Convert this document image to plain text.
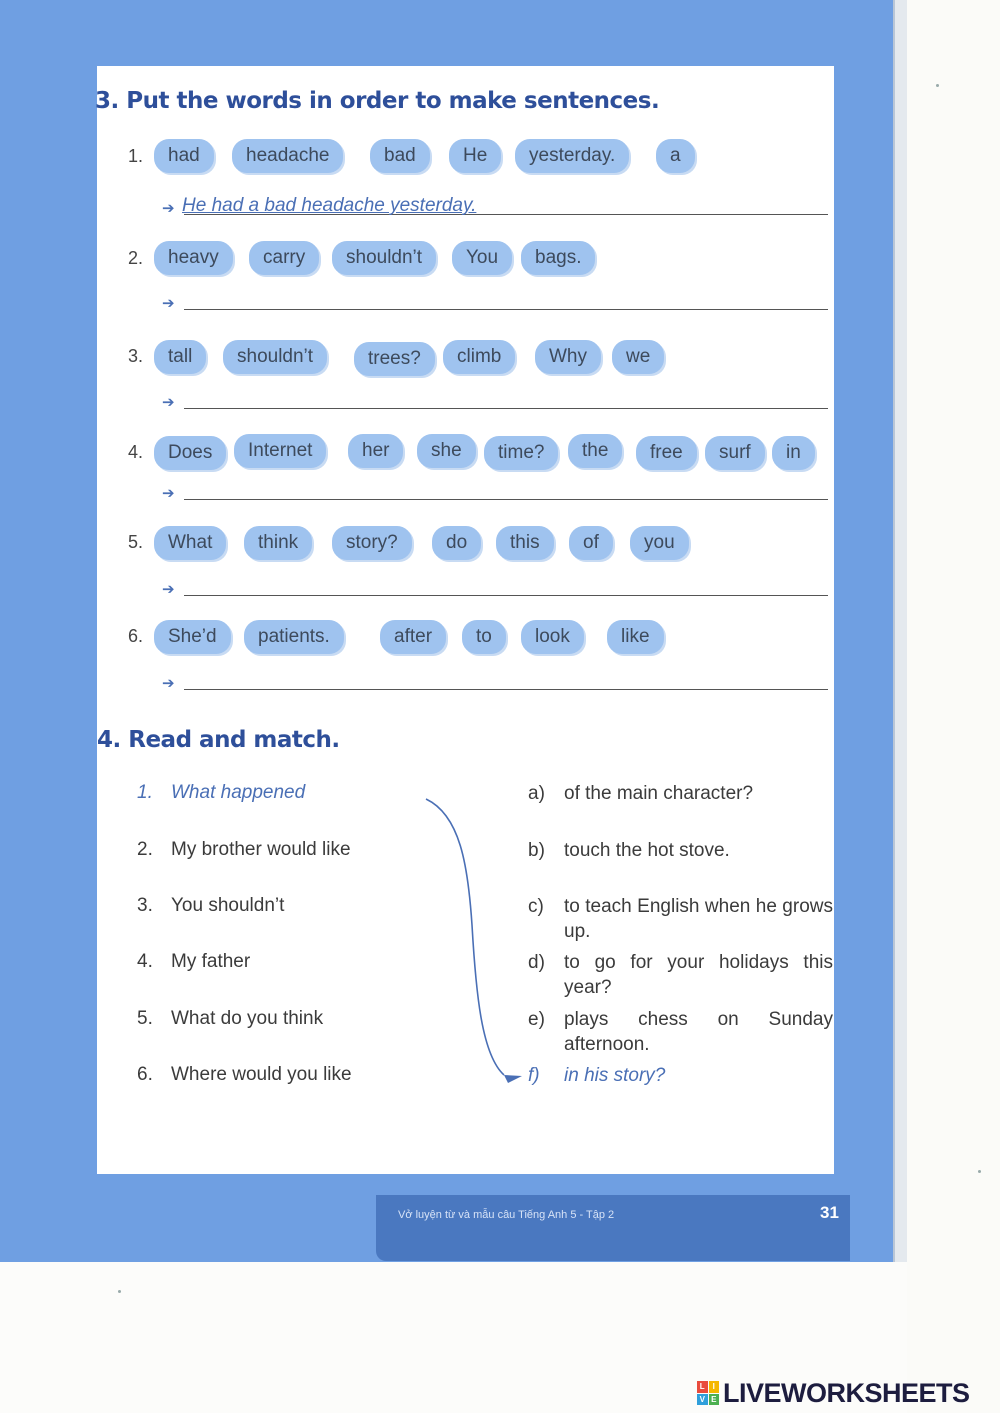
3. Put the words in order to make sentences.
1.	had	headache	bad	He	yesterday.	a
➔ He had a bad headache yesterday.
2.	heavy	carry	shouldn’t	You	bags.
➔
3.	tall	shouldn’t	trees?	climb	Why	we
➔
4.	Does	Internet	her	she	time?	the	free	surf	in
➔
5.	What	think	story?	do	this	of	you
➔
6.	She’d	patients.	after	to	look	like
➔
4. Read and match.
1. What happened
2. My brother would like
3. You shouldn’t
4. My father
5. What do you think
6. Where would you like
a) of the main character?
b) touch the hot stove.
c) to teach English when he grows up.
d) to go for your holidays this year?
e) plays chess on Sunday afternoon.
f) in his story?
Vở luyện từ và mẫu câu Tiếng Anh 5 - Tập 2	31
L I
V E LIVEWORKSHEETS
